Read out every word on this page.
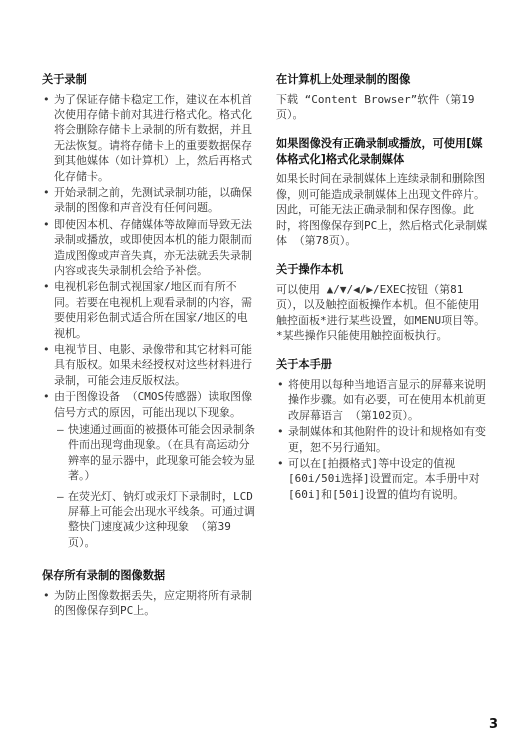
关于录制
• 为了保证存储卡稳定工作，建议在本机首次使用存储卡前对其进行格式化。格式化将会删除存储卡上录制的所有数据，并且无法恢复。请将存储卡上的重要数据保存到其他媒体（如计算机）上，然后再格式化存储卡。
• 开始录制之前，先测试录制功能，以确保录制的图像和声音没有任何问题。
• 即使因本机、存储媒体等故障而导致无法录制或播放，或即使因本机的能力限制而造成图像或声音失真，亦无法就丢失录制内容或丧失录制机会给予补偿。
• 电视机彩色制式视国家/地区而有所不同。若要在电视机上观看录制的内容，需要使用彩色制式适合所在国家/地区的电视机。
• 电视节目、电影、录像带和其它材料可能具有版权。如果未经授权对这些材料进行录制，可能会违反版权法。
• 由于图像设备 （CMOS传感器）读取图像信号方式的原因，可能出现以下现象。
– 快速通过画面的被摄体可能会因录制条件而出现弯曲现象。（在具有高运动分辨率的显示器中，此现象可能会较为显著。）
– 在荧光灯、钠灯或汞灯下录制时，LCD屏幕上可能会出现水平线条。可通过调整快门速度减少这种现象 （第39页）。
保存所有录制的图像数据
• 为防止图像数据丢失，应定期将所有录制的图像保存到PC上。
在计算机上处理录制的图像

下载 “Content Browser”软件（第19页）。

如果图像没有正确录制或播放，可使用[媒体格式化]格式化录制媒体

如果长时间在录制媒体上连续录制和删除图像，则可能造成录制媒体上出现文件碎片。因此，可能无法正确录制和保存图像。此时，将图像保存到PC上，然后格式化录制媒体 （第78页）。

关于操作本机

可以使用 ▲/▼/◀/▶/EXEC按钮（第81页），以及触控面板操作本机。但不能使用触控面板*进行某些设置，如MENU项目等。

*某些操作只能使用触控面板执行。

关于本手册
• 将使用以每种当地语言显示的屏幕来说明操作步骤。如有必要，可在使用本机前更改屏幕语言 （第102页）。
• 录制媒体和其他附件的设计和规格如有变更，恕不另行通知。
• 可以在[拍摄格式]等中设定的值视[60i/50i选择]设置而定。本手册中对[60i]和[50i]设置的值均有说明。
3
